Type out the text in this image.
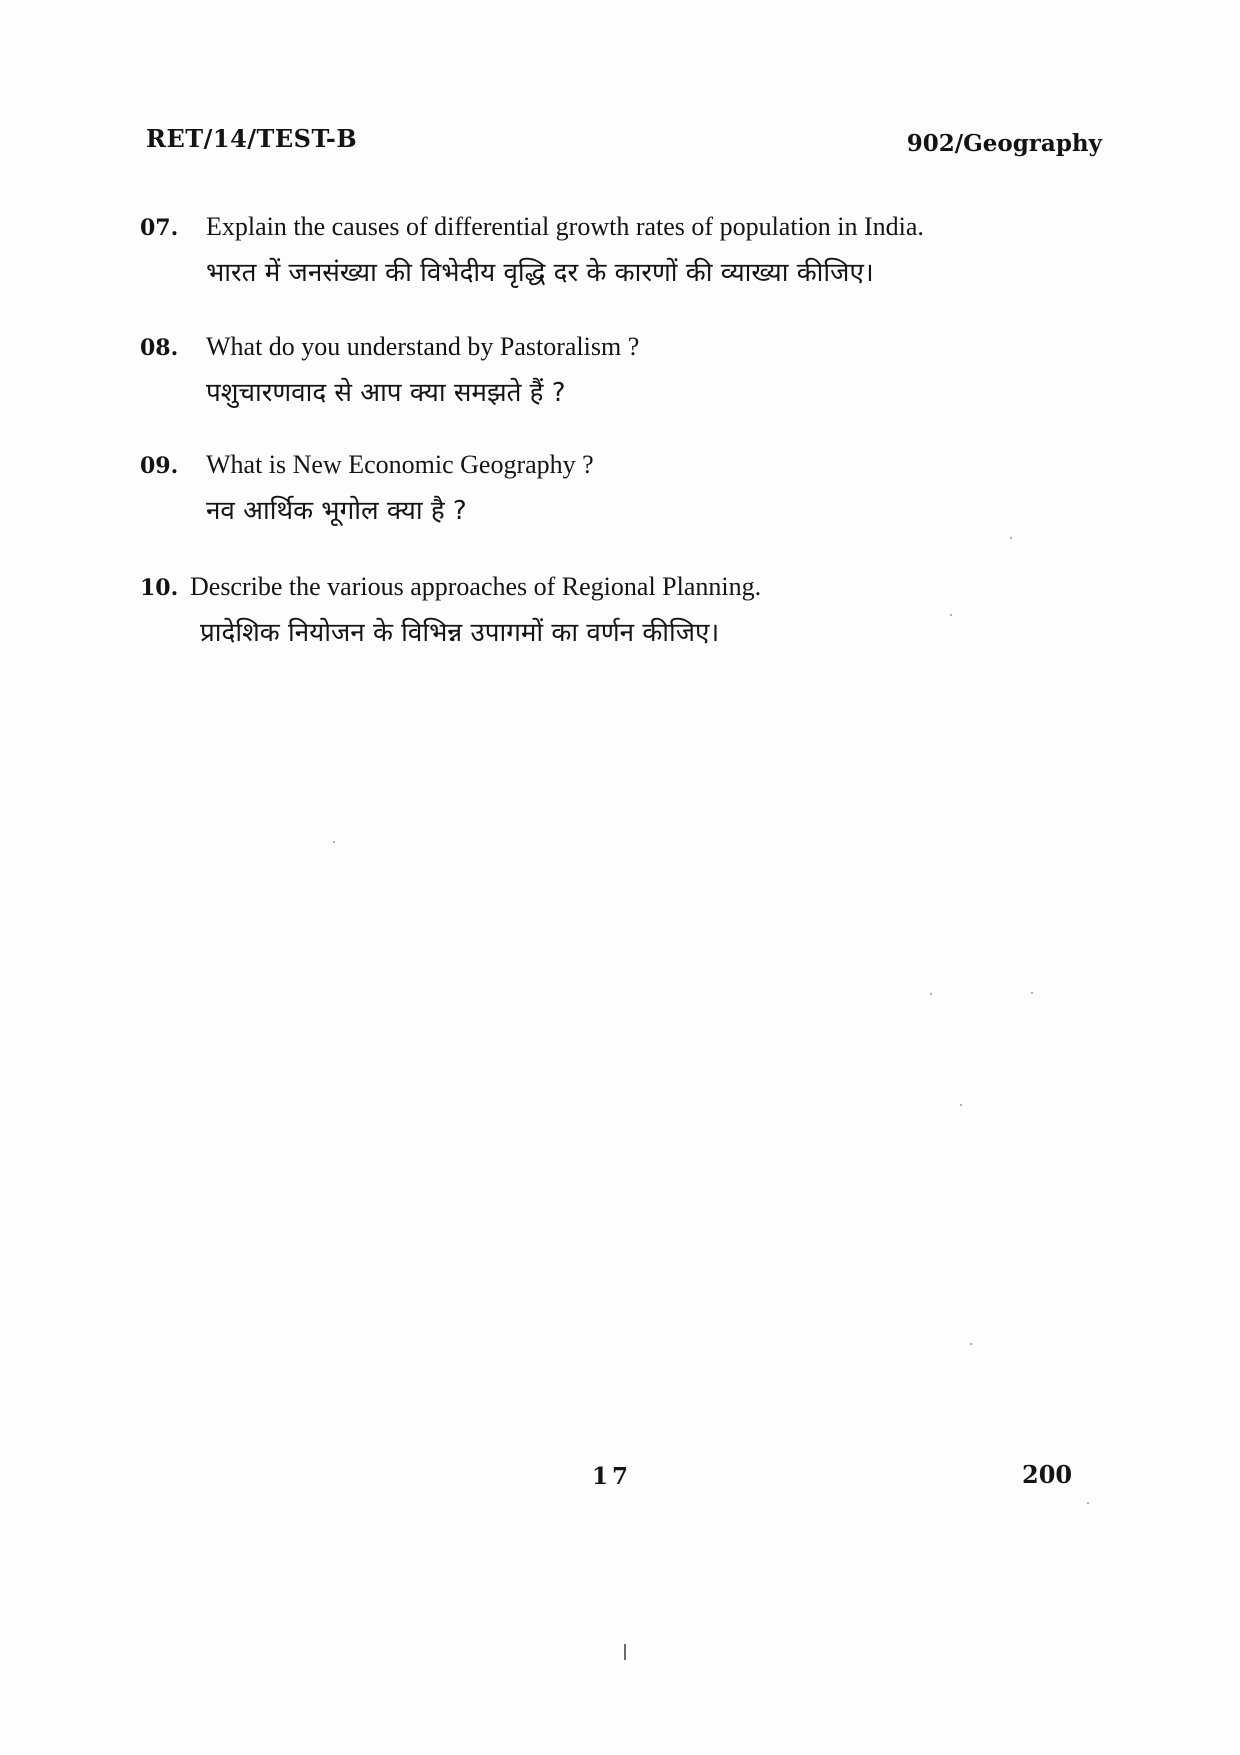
RET/14/TEST-B	902/Geography
07.	Explain the causes of differential growth rates of population in India.
भारत में जनसंख्या की विभेदीय वृद्धि दर के कारणों की व्याख्या कीजिए।
08.	What do you understand by Pastoralism ?
पशुचारणवाद से आप क्या समझते हैं ?
09.	What is New Economic Geography ?
नव आर्थिक भूगोल क्या है ?
10. Describe the various approaches of Regional Planning.
प्रादेशिक नियोजन के विभिन्न उपागमों का वर्णन कीजिए।
17	200
